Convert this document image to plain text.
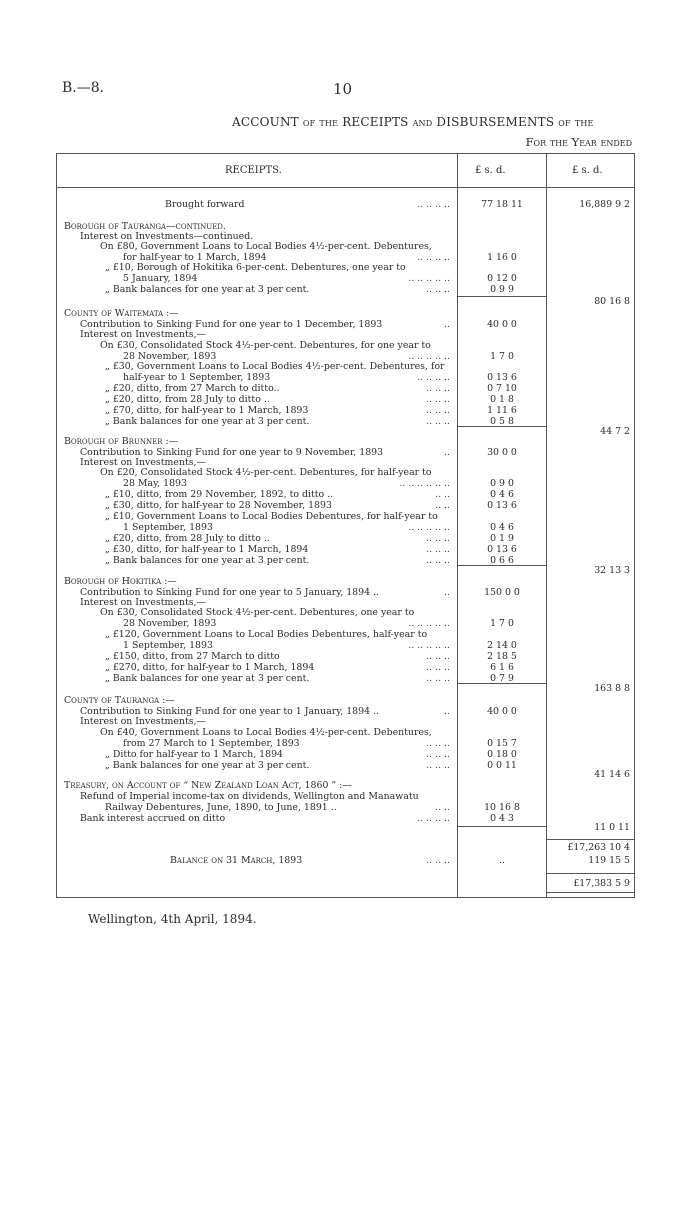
B.—8.	10
ACCOUNT of the RECEIPTS and DISBURSEMENTS of the
For the Year ended
RECEIPTS.	£ s. d.	£ s. d.
Brought forward	.. .. .. ..	77 18 11	16,889 9 2
Borough of Tauranga—continued.
Interest on Investments—continued.
On £80, Government Loans to Local Bodies 4½-per-cent. Debentures,
for half-year to 1 March, 1894	.. .. .. ..	1 16 0
„ £10, Borough of Hokitika 6-per-cent. Debentures, one year to
5 January, 1894	.. .. .. .. ..	0 12 0
„ Bank balances for one year at 3 per cent.	.. .. ..	0 9 9
80 16 8
County of Waitemata :—
Contribution to Sinking Fund for one year to 1 December, 1893	..	40 0 0
Interest on Investments,—
On £30, Consolidated Stock 4½-per-cent. Debentures, for one year to
28 November, 1893	.. .. .. .. ..	1 7 0
„ £30, Government Loans to Local Bodies 4½-per-cent. Debentures, for
half-year to 1 September, 1893	.. .. .. ..	0 13 6
„ £20, ditto, from 27 March to ditto..	.. .. ..	0 7 10
„ £20, ditto, from 28 July to ditto ..	.. .. ..	0 1 8
„ £70, ditto, for half-year to 1 March, 1893	.. .. ..	1 11 6
„ Bank balances for one year at 3 per cent.	.. .. ..	0 5 8
44 7 2
Borough of Brunner :—
Contribution to Sinking Fund for one year to 9 November, 1893	..	30 0 0
Interest on Investments,—
On £20, Consolidated Stock 4½-per-cent. Debentures, for half-year to
28 May, 1893	.. .. .. .. .. ..	0 9 0
„ £10, ditto, from 29 November, 1892, to ditto ..	.. ..	0 4 6
„ £30, ditto, for half-year to 28 November, 1893	.. ..	0 13 6
„ £10, Government Loans to Local Bodies Debentures, for half-year to
1 September, 1893	.. .. .. .. ..	0 4 6
„ £20, ditto, from 28 July to ditto ..	.. .. ..	0 1 9
„ £30, ditto, for half-year to 1 March, 1894	.. .. ..	0 13 6
„ Bank balances for one year at 3 per cent.	.. .. ..	0 6 6
32 13 3
Borough of Hokitika :—
Contribution to Sinking Fund for one year to 5 January, 1894 ..	..	150 0 0
Interest on Investments,—
On £30, Consolidated Stock 4½-per-cent. Debentures, one year to
28 November, 1893	.. .. .. .. ..	1 7 0
„ £120, Government Loans to Local Bodies Debentures, half-year to
1 September, 1893	.. .. .. .. ..	2 14 0
„ £150, ditto, from 27 March to ditto	.. .. ..	2 18 5
„ £270, ditto, for half-year to 1 March, 1894	.. .. ..	6 1 6
„ Bank balances for one year at 3 per cent.	.. .. ..	0 7 9
163 8 8
County of Tauranga :—
Contribution to Sinking Fund for one year to 1 January, 1894 ..	..	40 0 0
Interest on Investments,—
On £40, Government Loans to Local Bodies 4½-per-cent. Debentures,
from 27 March to 1 September, 1893	.. .. ..	0 15 7
„ Ditto for half-year to 1 March, 1894	.. .. ..	0 18 0
„ Bank balances for one year at 3 per cent.	.. .. ..	0 0 11
41 14 6
Treasury, on Account of “ New Zealand Loan Act, 1860 ” :—
Refund of Imperial income-tax on dividends, Wellington and Manawatu
Railway Debentures, June, 1890, to June, 1891 ..	.. ..	10 16 8
Bank interest accrued on ditto	.. .. .. ..	0 4 3
11 0 11
£17,263 10 4
Balance on 31 March, 1893	.. .. ..	..	119 15 5
£17,383 5 9
Wellington, 4th April, 1894.
